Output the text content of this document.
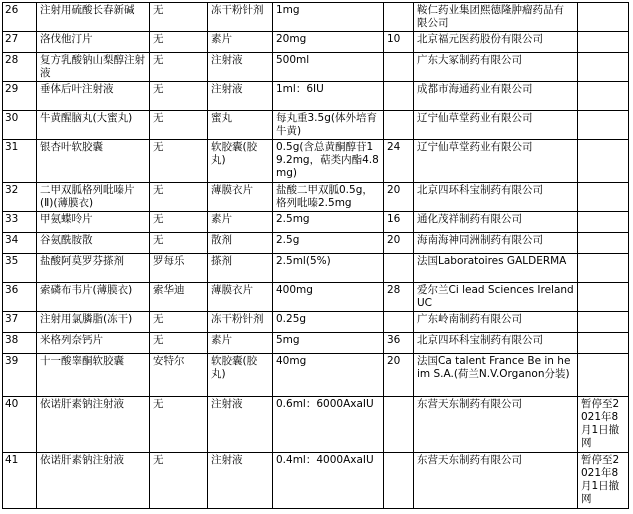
26	注射用硫酸长春新碱	无	冻干粉针剂	1mg		鞍仁药业集团熙德隆肿瘤药品有限公司	
27	洛伐他汀片	无	素片	20mg	10	北京福元医药股份有限公司	
28	复方乳酸钠山梨醇注射液	无	注射液	500ml		广东大冢制药有限公司	
29	垂体后叶注射液	无	注射液	1ml：6IU		成都市海通药业有限公司	
30	牛黄醒脑丸(大蜜丸)	无	蜜丸	每丸重3.5g(体外培育牛黄)		辽宁仙草堂药业有限公司	
31	银杏叶软胶囊	无	软胶囊(胶丸)	0.5g(含总黄酮醇苷19.2mg，萜类内酯4.8mg)	24	辽宁仙草堂药业有限公司	
32	二甲双胍格列吡嗪片(Ⅱ)(薄膜衣)	无	薄膜衣片	盐酸二甲双胍0.5g，格列吡嗪2.5mg	20	北京四环科宝制药有限公司	
33	甲氨蝶呤片	无	素片	2.5mg	16	通化茂祥制药有限公司	
34	谷氨酰胺散	无	散剂	2.5g	20	海南海神同洲制药有限公司	
35	盐酸阿莫罗芬搽剂	罗每乐	搽剂	2.5ml(5%)		法国Laboratoires GALDERMA	
36	索磷布韦片(薄膜衣)	索华迪	薄膜衣片	400mg	28	爱尔兰Ci lead Sciences Ireland UC	
37	注射用氯膦脂(冻干)	无	冻干粉针剂	0.25g		广东岭南制药有限公司	
38	米格列奈钙片	无	素片	5mg	36	北京四环科宝制药有限公司	
39	十一酸睾酮软胶囊	安特尔	软胶囊(胶丸)	40mg	20	法国Ca talent France Be in he im S.A.(荷兰N.V.Organon分装)	
40	依诺肝素钠注射液	无	注射液	0.6ml：6000AxaIU		东营天东制药有限公司	暂停至2021年8月1日撤网
41	依诺肝素钠注射液	无	注射液	0.4ml：4000AxaIU		东营天东制药有限公司	暂停至2021年8月1日撤网
